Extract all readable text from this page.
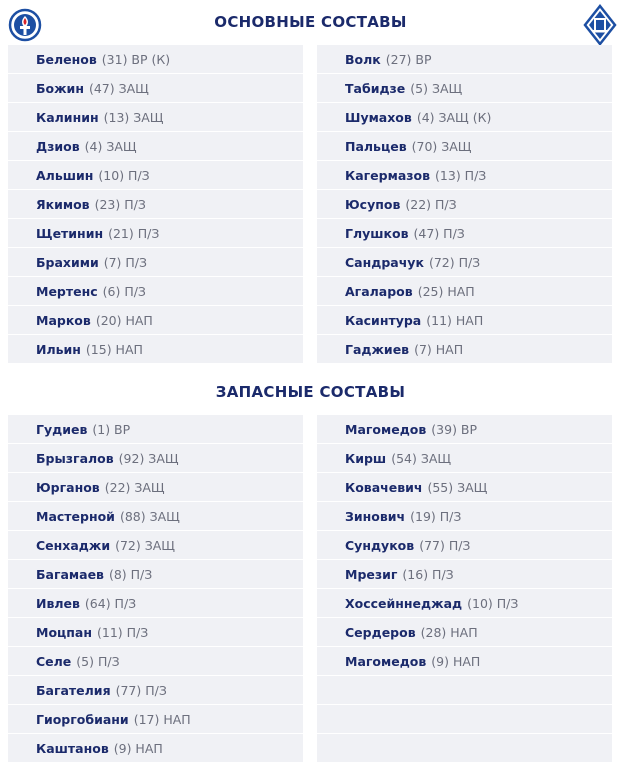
ОСНОВНЫЕ СОСТАВЫ
Беленов (31) ВР (К)
Божин (47) ЗАЩ
Калинин (13) ЗАЩ
Дзиов (4) ЗАЩ
Альшин (10) П/З
Якимов (23) П/З
Щетинин (21) П/З
Брахими (7) П/З
Мертенс (6) П/З
Марков (20) НАП
Ильин (15) НАП
Волк (27) ВР
Табидзе (5) ЗАЩ
Шумахов (4) ЗАЩ (К)
Пальцев (70) ЗАЩ
Кагермазов (13) П/З
Юсупов (22) П/З
Глушков (47) П/З
Сандрачук (72) П/З
Агаларов (25) НАП
Касинтура (11) НАП
Гаджиев (7) НАП
ЗАПАСНЫЕ СОСТАВЫ
Гудиев (1) ВР
Брызгалов (92) ЗАЩ
Юрганов (22) ЗАЩ
Мастерной (88) ЗАЩ
Сенхаджи (72) ЗАЩ
Багамаев (8) П/З
Ивлев (64) П/З
Моцпан (11) П/З
Селе (5) П/З
Багателия (77) П/З
Гиоргобиани (17) НАП
Каштанов (9) НАП
Магомедов (39) ВР
Кирш (54) ЗАЩ
Ковачевич (55) ЗАЩ
Зинович (19) П/З
Сундуков (77) П/З
Мрезиг (16) П/З
Хоссейннеджад (10) П/З
Сердеров (28) НАП
Магомедов (9) НАП
